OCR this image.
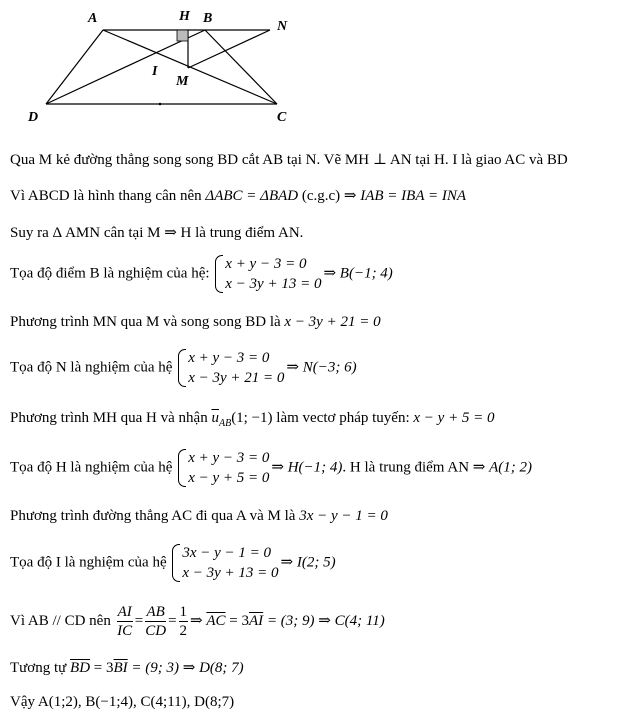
A	H B
N
I
M
D	C
Qua M kẻ đường thẳng song song BD cắt AB tại N. Vẽ MH ⊥ AN tại H. I là giao AC và BD
Vì ABCD là hình thang cân nên ΔABC = ΔBAD (c.g.c) ⇒ IAB = IBA = INA
Suy ra Δ AMN cân tại M ⇒ H là trung điểm AN.
Tọa độ điểm B là nghiệm của hệ:
x + y − 3 = 0
x − 3y + 13 = 0
⇒ B(−1; 4)
Phương trình MN qua M và song song BD là x − 3y + 21 = 0
Tọa độ N là nghiệm của hệ
x + y − 3 = 0
x − 3y + 21 = 0
⇒ N(−3; 6)
Phương trình MH qua H và nhận $\overline{u}_{AB}(1$; −1) làm vectơ pháp tuyến: x − y + 5 = 0
Tọa độ H là nghiệm của hệ
x + y − 3 = 0
x − y + 5 = 0
⇒ H(−1; 4). H là trung điểm AN ⇒ A(1; 2)
Phương trình đường thẳng AC đi qua A và M là 3x − y − 1 = 0
Tọa độ I là nghiệm của hệ
3x − y − 1 = 0
x − 3y + 13 = 0
⇒ I(2; 5)
Vì AB // CD nên $\frac{AI}{IC} = \frac{AB}{CD} = \frac{1}{2}$ ⇒ $\overline{AC} = 3\overline{AI} = (3$; 9) ⇒ C(4; 11)
Tương tự $\overline{BD} = 3\overline{BI} = (9$; 3) ⇒ D(8; 7)
Vậy A(1;2), B(−1;4), C(4;11), D(8;7)
